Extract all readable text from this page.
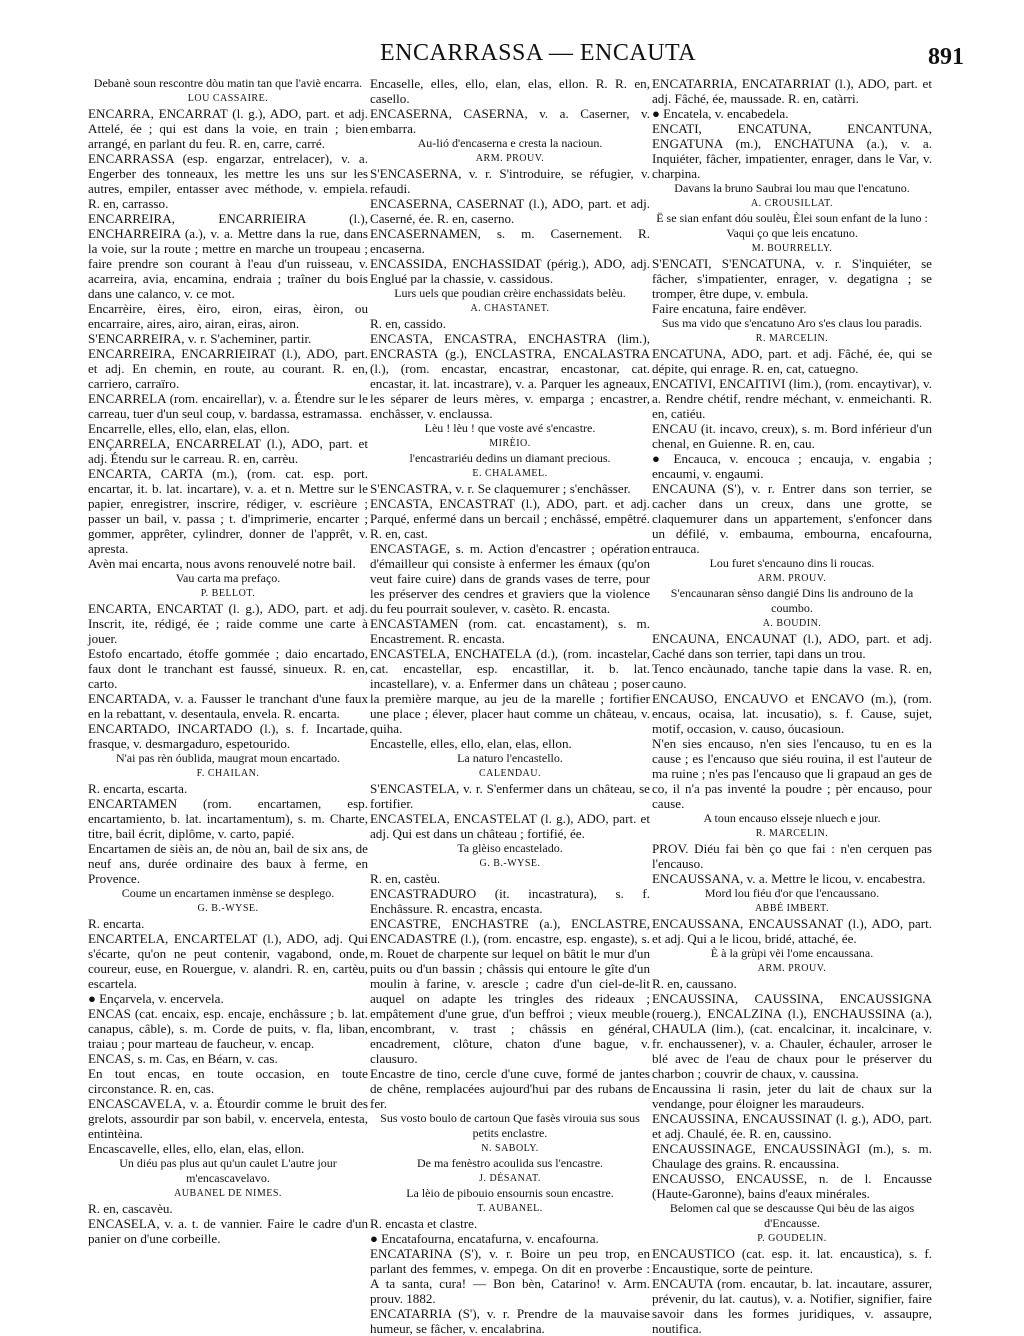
ENCARRASSA — ENCAUTA	891

Debanè soun rescontre dòu matin tan que l'aviè encarra.

LOU CASSAIRE.

ENCARRA, ENCARRAT (l. g.), ADO, part. et adj. Attelé, ée ; qui est dans la voie, en train ; bien arrangé, en parlant du feu. R. en, carre, carré.

ENCARRASSA (esp. engarzar, entrelacer), v. a. Engerber des tonneaux, les mettre les uns sur les autres, empiler, entasser avec méthode, v. empiela. R. en, carrasso.

ENCARREIRA, ENCARRIEIRA (l.), ENCHARREIRA (a.), v. a. Mettre dans la rue, dans la voie, sur la route ; mettre en marche un troupeau ; faire prendre son courant à l'eau d'un ruisseau, v. acarreira, avia, encamina, endraia ; traîner du bois dans une calanco, v. ce mot.

Encarrèire, èires, èiro, eiron, eiras, èiron, ou encarraire, aires, airo, airan, eiras, airon.

S'ENCARREIRA, v. r. S'acheminer, partir.

ENCARREIRA, ENCARRIEIRAT (l.), ADO, part. et adj. En chemin, en route, au courant. R. en, carriero, carraïro.

ENCARRELA (rom. encairellar), v. a. Étendre sur le carreau, tuer d'un seul coup, v. bardassa, estramassa.

Encarrelle, elles, ello, elan, elas, ellon.

ENÇARRELA, ENCARRELAT (l.), ADO, part. et adj. Étendu sur le carreau. R. en, carrèu.

ENCARTA, CARTA (m.), (rom. cat. esp. port. encartar, it. b. lat. incartare), v. a. et n. Mettre sur le papier, enregistrer, inscrire, rédiger, v. escrièure ; passer un bail, v. passa ; t. d'imprimerie, encarter ; gommer, apprêter, cylindrer, donner de l'apprêt, v. apresta.

Avèn mai encarta, nous avons renouvelé notre bail.

Vau carta ma prefaço.

P. BELLOT.

ENCARTA, ENCARTAT (l. g.), ADO, part. et adj. Inscrit, ite, rédigé, ée ; raide comme une carte à jouer.

Estofo encartado, étoffe gommée ; daio encartado, faux dont le tranchant est faussé, sinueux. R. en, carto.

ENCARTADA, v. a. Fausser le tranchant d'une faux en la rebattant, v. desentaula, envela. R. encarta.

ENCARTADO, INCARTADO (l.), s. f. Incartade, frasque, v. desmargaduro, espetourido.

N'ai pas rèn óublida, maugrat moun encartado.

F. CHAILAN.

R. encarta, escarta.

ENCARTAMEN (rom. encartamen, esp. encartamiento, b. lat. incartamentum), s. m. Charte, titre, bail écrit, diplôme, v. carto, papié.

Encartamen de sièis an, de nòu an, bail de six ans, de neuf ans, durée ordinaire des baux à ferme, en Provence.

Coume un encartamen inmènse se desplego.

G. B.-WYSE.

R. encarta.

ENCARTELA, ENCARTELAT (l.), ADO, adj. Qui s'écarte, qu'on ne peut contenir, vagabond, onde, coureur, euse, en Rouergue, v. alandri. R. en, cartèu, escartela.

● Ençarvela, v. encervela.

ENCAS (cat. encaix, esp. encaje, enchâssure ; b. lat. canapus, câble), s. m. Corde de puits, v. fla, liban, traiau ; pour marteau de faucheur, v. encap.

ENCAS, s. m. Cas, en Béarn, v. cas.

En tout encas, en toute occasion, en toute circonstance. R. en, cas.

ENCASCAVELA, v. a. Étourdir comme le bruit des grelots, assourdir par son babil, v. encervela, entesta, entintèina.

Encascavelle, elles, ello, elan, elas, ellon.

Un diéu pas plus aut qu'un caulet L'autre jour m'encascavelavo.

AUBANEL DE NIMES.

R. en, cascavèu.

ENCASELA, v. a. t. de vannier. Faire le cadre d'un panier on d'une corbeille.

Encaselle, elles, ello, elan, elas, ellon. R. R. en, casello.

ENCASERNA, CASERNA, v. a. Caserner, v. embarra.

Au-lió d'encaserna e cresta la nacioun.

ARM. PROUV.

S'ENCASERNA, v. r. S'introduire, se réfugier, v. refaudi.

ENCASERNA, CASERNAT (l.), ADO, part. et adj. Caserné, ée. R. en, caserno.

ENCASERNAMEN, s. m. Casernement. R. encaserna.

ENCASSIDA, ENCHASSIDAT (périg.), ADO, adj. Englué par la chassie, v. cassidous.

Lurs uels que poudian crèire enchassidats belèu.

A. CHASTANET.

R. en, cassido.

ENCASTA, ENCASTRA, ENCHASTRA (lim.), ENCRASTA (g.), ENCLASTRA, ENCALASTRA (l.), (rom. encastar, encastrar, encastonar, cat. encastar, it. lat. incastrare), v. a. Parquer les agneaux, les séparer de leurs mères, v. emparga ; encastrer, enchâsser, v. enclaussa.

Lèu ! lèu ! que voste avé s'encastre.

MIRÈIO.

l'encastrariéu dedins un diamant precious.

E. CHALAMEL.

S'ENCASTRA, v. r. Se claquemurer ; s'enchâsser.

ENCASTA, ENCASTRAT (l.), ADO, part. et adj. Parqué, enfermé dans un bercail ; enchâssé, empêtré. R. en, cast.

ENCASTAGE, s. m. Action d'encastrer ; opération d'émailleur qui consiste à enfermer les émaux (qu'on veut faire cuire) dans de grands vases de terre, pour les préserver des cendres et graviers que la violence du feu pourrait soulever, v. casèto. R. encasta.

ENCASTAMEN (rom. cat. encastament), s. m. Encastrement. R. encasta.

ENCASTELA, ENCHATELA (d.), (rom. incastelar, cat. encastellar, esp. encastillar, it. b. lat. incastellare), v. a. Enfermer dans un château ; poser la première marque, au jeu de la marelle ; fortifier une place ; élever, placer haut comme un château, v. quiha.

Encastelle, elles, ello, elan, elas, ellon.

La naturo l'encastello.

CALENDAU.

S'ENCASTELA, v. r. S'enfermer dans un château, se fortifier.

ENCASTELA, ENCASTELAT (l. g.), ADO, part. et adj. Qui est dans un château ; fortifié, ée.

Ta glèiso encastelado.

G. B.-WYSE.

R. en, castèu.

ENCASTRADURO (it. incastratura), s. f. Enchâssure. R. encastra, encasta.

ENCASTRE, ENCHASTRE (a.), ENCLASTRE, ENCADASTRE (l.), (rom. encastre, esp. engaste), s. m. Rouet de charpente sur lequel on bâtit le mur d'un puits ou d'un bassin ; châssis qui entoure le gîte d'un moulin à farine, v. arescle ; cadre d'un ciel-de-lit auquel on adapte les tringles des rideaux ; empâtement d'une grue, d'un beffroi ; vieux meuble encombrant, v. trast ; châssis en général, encadrement, clôture, chaton d'une bague, v. clausuro.

Encastre de tino, cercle d'une cuve, formé de jantes de chêne, remplacées aujourd'hui par des rubans de fer.

Sus vosto boulo de cartoun Que fasès virouia sus sous petits enclastre.

N. SABOLY.

De ma fenèstro acoulida sus l'encastre.

J. DÉSANAT.

La lèio de pibouio ensournis soun encastre.

T. AUBANEL.

R. encasta et clastre.

● Encatafourna, encatafurna, v. encafourna.

ENCATARINA (S'), v. r. Boire un peu trop, en parlant des femmes, v. empega. On dit en proverbe : A ta santa, cura! — Bon bèn, Catarino! v. Arm. prouv. 1882.

ENCATARRIA (S'), v. r. Prendre de la mauvaise humeur, se fâcher, v. encalabrina.

ENCATARRIA, ENCATARRIAT (l.), ADO, part. et adj. Fâché, ée, maussade. R. en, catàrri.

● Encatela, v. encabedela.

ENCATI, ENCATUNA, ENCANTUNA, ENGATUNA (m.), ENCHATUNA (a.), v. a. Inquiéter, fâcher, impatienter, enrager, dans le Var, v. charpina.

Davans la bruno Saubrai lou mau que l'encatuno.

A. CROUSILLAT.

Ë se sian enfant dóu soulèu, Èlei soun enfant de la luno : Vaqui ço que leis encatuno.

M. BOURRELLY.

S'ENCATI, S'ENCATUNA, v. r. S'inquiéter, se fâcher, s'impatienter, enrager, v. degatigna ; se tromper, être dupe, v. embula.

Faire encatuna, faire endêver.

Sus ma vido que s'encatuno Aro s'es claus lou paradis.

R. MARCELIN.

ENCATUNA, ADO, part. et adj. Fâché, ée, qui se dépite, qui enrage. R. en, cat, catuegno.

ENCATIVI, ENCAITIVI (lim.), (rom. encaytivar), v. a. Rendre chétif, rendre méchant, v. enmeichanti. R. en, catiéu.

ENCAU (it. incavo, creux), s. m. Bord inférieur d'un chenal, en Guienne. R. en, cau.

● Encauca, v. encouca ; encauja, v. engabia ; encaumi, v. engaumi.

ENCAUNA (S'), v. r. Entrer dans son terrier, se cacher dans un creux, dans une grotte, se claquemurer dans un appartement, s'enfoncer dans un défilé, v. embauma, embourna, encafourna, entrauca.

Lou furet s'encauno dins li roucas.

ARM. PROUV.

S'encaunaran sènso dangié Dins lis androuno de la coumbo.

A. BOUDIN.

ENCAUNA, ENCAUNAT (l.), ADO, part. et adj. Caché dans son terrier, tapi dans un trou.

Tenco encàunado, tanche tapie dans la vase. R. en, cauno.

ENCAUSO, ENCAUVO et ENCAVO (m.), (rom. encaus, ocaisa, lat. incusatio), s. f. Cause, sujet, motif, occasion, v. causo, óucasioun.

N'en sies encauso, n'en sies l'encauso, tu en es la cause ; es l'encauso que siéu rouina, il est l'auteur de ma ruine ; n'es pas l'encauso que li grapaud an ges de co, il n'a pas inventé la poudre ; pèr encauso, pour cause.

A toun encauso elsseje nluech e jour.

R. MARCELIN.

PROV. Diéu fai bèn ço que fai : n'en cerquen pas l'encauso.

ENCAUSSANA, v. a. Mettre le licou, v. encabestra.

Mord lou fiéu d'or que l'encaussano.

ABBÉ IMBERT.

ENCAUSSANA, ENCAUSSANAT (l.), ADO, part. et adj. Qui a le licou, bridé, attaché, ée.

È à la grùpi vèi l'ome encaussana.

ARM. PROUV.

R. en, caussano.

ENCAUSSINA, CAUSSINA, ENCAUSSIGNA (rouerg.), ENCALZINA (l.), ENCHAUSSINA (a.), CHAULA (lim.), (cat. encalcinar, it. incalcinare, v. fr. enchaussener), v. a. Chauler, échauler, arroser le blé avec de l'eau de chaux pour le préserver du charbon ; couvrir de chaux, v. caussina.

Encaussina li rasin, jeter du lait de chaux sur la vendange, pour éloigner les maraudeurs.

ENCAUSSINA, ENCAUSSINAT (l. g.), ADO, part. et adj. Chaulé, ée. R. en, caussino.

ENCAUSSINAGE, ENCAUSSINÀGI (m.), s. m. Chaulage des grains. R. encaussina.

ENCAUSSO, ENCAUSSE, n. de l. Encausse (Haute-Garonne), bains d'eaux minérales.

Belomen cal que se descausse Qui bèu de las aigos d'Encausse.

P. GOUDELIN.

ENCAUSTICO (cat. esp. it. lat. encaustica), s. f. Encaustique, sorte de peinture.

ENCAUTA (rom. encautar, b. lat. incautare, assurer, prévenir, du lat. cautus), v. a. Notifier, signifier, faire savoir dans les formes juridiques, v. assaupre, noutifica.
